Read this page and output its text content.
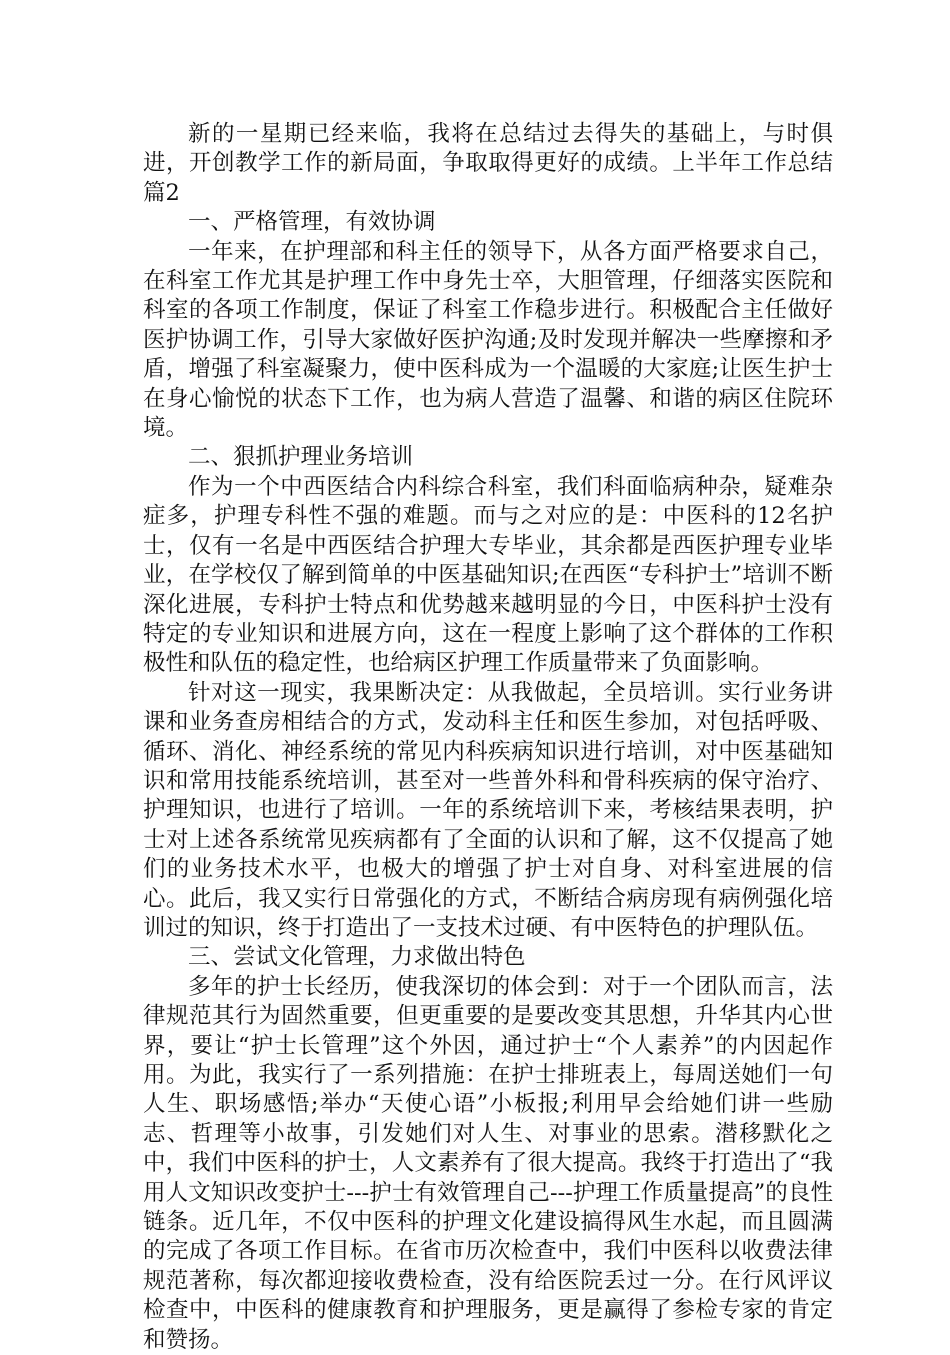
新的一星期已经来临，我将在总结过去得失的基础上，与时俱进，开创教学工作的新局面，争取取得更好的成绩。上半年工作总结 篇2

一、严格管理，有效协调

一年来，在护理部和科主任的领导下，从各方面严格要求自己，在科室工作尤其是护理工作中身先士卒，大胆管理，仔细落实医院和科室的各项工作制度，保证了科室工作稳步进行。积极配合主任做好医护协调工作，引导大家做好医护沟通;及时发现并解决一些摩擦和矛盾，增强了科室凝聚力，使中医科成为一个温暖的大家庭;让医生护士在身心愉悦的状态下工作，也为病人营造了温馨、和谐的病区住院环境。

二、狠抓护理业务培训

作为一个中西医结合内科综合科室，我们科面临病种杂，疑难杂症多，护理专科性不强的难题。而与之对应的是：中医科的12名护士，仅有一名是中西医结合护理大专毕业，其余都是西医护理专业毕业，在学校仅了解到简单的中医基础知识;在西医“专科护士”培训不断深化进展，专科护士特点和优势越来越明显的今日，中医科护士没有特定的专业知识和进展方向，这在一程度上影响了这个群体的工作积极性和队伍的稳定性，也给病区护理工作质量带来了负面影响。

针对这一现实，我果断决定：从我做起，全员培训。实行业务讲课和业务查房相结合的方式，发动科主任和医生参加，对包括呼吸、循环、消化、神经系统的常见内科疾病知识进行培训，对中医基础知识和常用技能系统培训，甚至对一些普外科和骨科疾病的保守治疗、护理知识，也进行了培训。一年的系统培训下来，考核结果表明，护士对上述各系统常见疾病都有了全面的认识和了解，这不仅提高了她们的业务技术水平，也极大的增强了护士对自身、对科室进展的信心。此后，我又实行日常强化的方式，不断结合病房现有病例强化培训过的知识，终于打造出了一支技术过硬、有中医特色的护理队伍。

三、尝试文化管理，力求做出特色

多年的护士长经历，使我深切的体会到：对于一个团队而言，法律规范其行为固然重要，但更重要的是要改变其思想，升华其内心世界，要让“护士长管理”这个外因，通过护士“个人素养”的内因起作用。为此，我实行了一系列措施：在护士排班表上，每周送她们一句人生、职场感悟;举办“天使心语”小板报;利用早会给她们讲一些励志、哲理等小故事，引发她们对人生、对事业的思索。潜移默化之中，我们中医科的护士，人文素养有了很大提高。我终于打造出了“我用人文知识改变护士---护士有效管理自己---护理工作质量提高”的良性链条。近几年，不仅中医科的护理文化建设搞得风生水起，而且圆满的完成了各项工作目标。在省市历次检查中，我们中医科以收费法律规范著称，每次都迎接收费检查，没有给医院丢过一分。在行风评议检查中，中医科的健康教育和护理服务，更是赢得了参检专家的肯定和赞扬。
